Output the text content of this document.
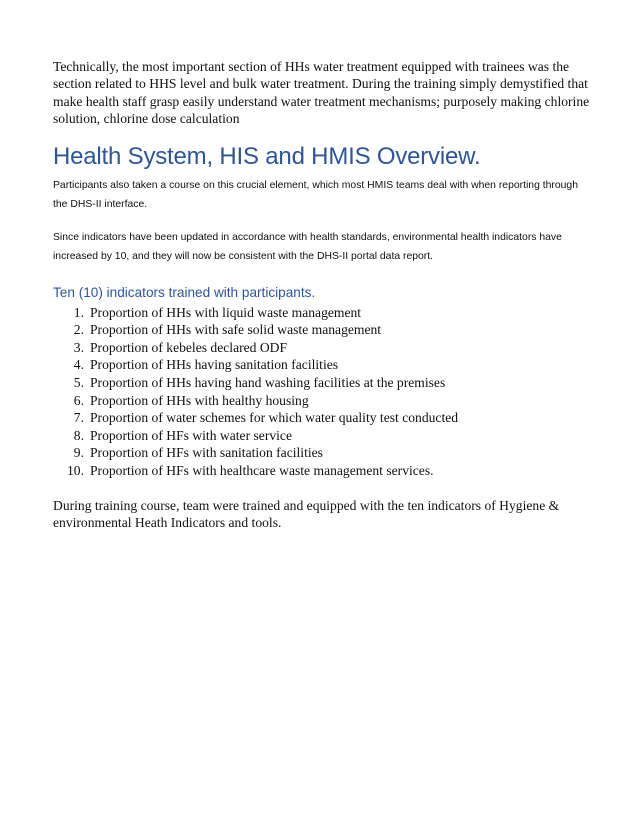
Technically, the most important section of HHs water treatment equipped with trainees was the section related to HHS level and bulk water treatment. During the training simply demystified that make health staff grasp easily understand water treatment mechanisms; purposely making chlorine solution, chlorine dose calculation

Health System, HIS and HMIS Overview.

Participants also taken a course on this crucial element, which most HMIS teams deal with when reporting through the DHS-II interface.

Since indicators have been updated in accordance with health standards, environmental health indicators have increased by 10, and they will now be consistent with the DHS-II portal data report.

Ten (10) indicators trained with participants.
1. Proportion of HHs with liquid waste management
2. Proportion of HHs with safe solid waste management
3. Proportion of kebeles declared ODF
4. Proportion of HHs having sanitation facilities
5. Proportion of HHs having hand washing facilities at the premises
6. Proportion of HHs with healthy housing
7. Proportion of water schemes for which water quality test conducted
8. Proportion of HFs with water service
9. Proportion of HFs with sanitation facilities
10. Proportion of HFs with healthcare waste management services.

During training course, team were trained and equipped with the ten indicators of Hygiene & environmental Heath Indicators and tools.
